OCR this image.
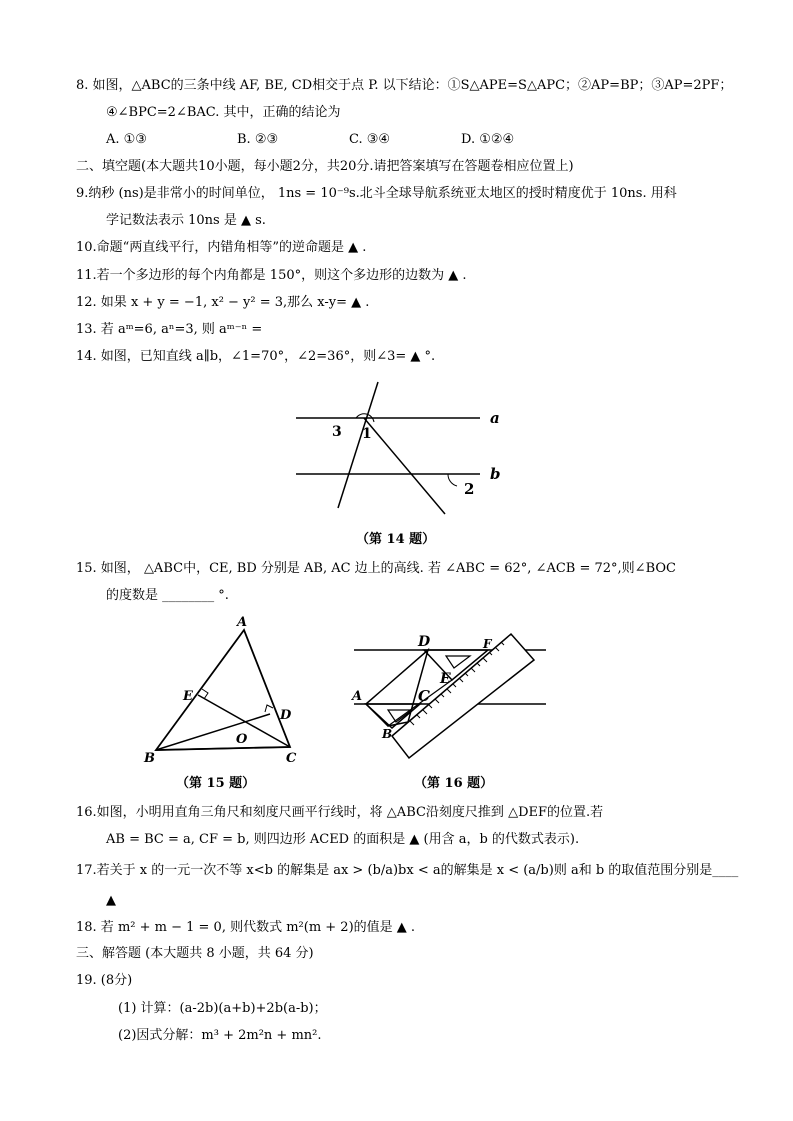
8. 如图，△ABC的三条中线 AF, BE, CD相交于点 P. 以下结论：①S△APE=S△APC；②AP=BP；③AP=2PF；
④∠BPC=2∠BAC. 其中，正确的结论为
A. ①③	B. ②③	C. ③④	D. ①②④
二、填空题(本大题共10小题，每小题2分，共20分.请把答案填写在答题卷相应位置上)
9.纳秒 (ns)是非常小的时间单位， 1ns = 10⁻⁹s.北斗全球导航系统亚太地区的授时精度优于 10ns. 用科
学记数法表示 10ns 是 ▲ s.
10.命题“两直线平行，内错角相等”的逆命题是 ▲ .
11.若一个多边形的每个内角都是 150°，则这个多边形的边数为 ▲ .
12. 如果 x + y = −1, x² − y² = 3,那么 x-y= ▲ .
13. 若 aᵐ=6, aⁿ=3, 则 aᵐ⁻ⁿ =
14. 如图，已知直线 a∥b，∠1=70°，∠2=36°，则∠3= ▲ °.
a
b
1
2
3
（第 14 题）
15. 如图， △ABC中，CE, BD 分别是 AB, AC 边上的高线. 若 ∠ABC = 62°, ∠ACB = 72°,则∠BOC
的度数是 ________ °.
A
B	C
D
E
O
（第 15 题）
D	F
E
C
A
B
（第 16 题）
16.如图，小明用直角三角尺和刻度尺画平行线时，将 △ABC沿刻度尺推到 △DEF的位置.若
AB = BC = a, CF = b, 则四边形 ACED 的面积是 ▲ (用含 a，b 的代数式表示).
17.若关于 x 的一元一次不等 x<b 的解集是 ax > (b/a)bx < a的解集是 x < (a/b)则 a和 b 的取值范围分别是____
▲
18. 若 m² + m − 1 = 0, 则代数式 m²(m + 2)的值是 ▲ .
三、解答题 (本大题共 8 小题，共 64 分)
19. (8分)
(1) 计算：(a-2b)(a+b)+2b(a-b)；
(2)因式分解：m³ + 2m²n + mn².
